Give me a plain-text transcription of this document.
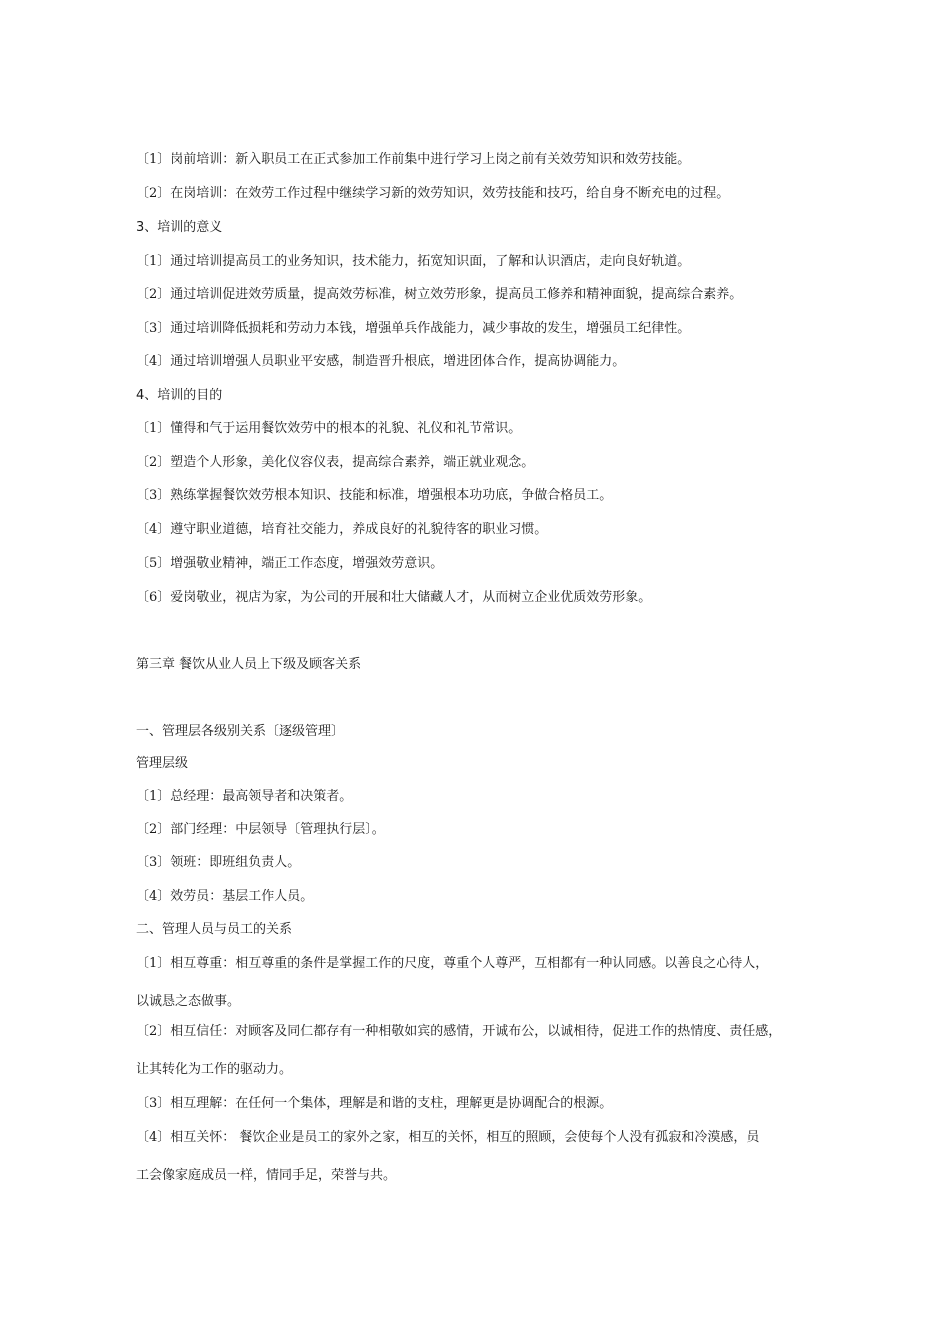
〔1〕岗前培训：新入职员工在正式参加工作前集中进行学习上岗之前有关效劳知识和效劳技能。
〔2〕在岗培训：在效劳工作过程中继续学习新的效劳知识，效劳技能和技巧，给自身不断充电的过程。
3、培训的意义
〔1〕通过培训提高员工的业务知识，技术能力，拓宽知识面，了解和认识酒店，走向良好轨道。
〔2〕通过培训促进效劳质量，提高效劳标准，树立效劳形象，提高员工修养和精神面貌，提高综合素养。
〔3〕通过培训降低损耗和劳动力本钱，增强单兵作战能力，减少事故的发生，增强员工纪律性。
〔4〕通过培训增强人员职业平安感，制造晋升根底，增进团体合作，提高协调能力。
4、培训的目的
〔1〕懂得和气于运用餐饮效劳中的根本的礼貌、礼仪和礼节常识。
〔2〕塑造个人形象，美化仪容仪表，提高综合素养，端正就业观念。
〔3〕熟练掌握餐饮效劳根本知识、技能和标准，增强根本功功底，争做合格员工。
〔4〕遵守职业道德，培育社交能力，养成良好的礼貌待客的职业习惯。
〔5〕增强敬业精神，端正工作态度，增强效劳意识。
〔6〕爱岗敬业，视店为家，为公司的开展和壮大储藏人才，从而树立企业优质效劳形象。
第三章 餐饮从业人员上下级及顾客关系
一、管理层各级别关系〔逐级管理〕
管理层级
〔1〕总经理：最高领导者和决策者。
〔2〕部门经理：中层领导〔管理执行层〕。
〔3〕领班：即班组负责人。
〔4〕效劳员：基层工作人员。
二、管理人员与员工的关系
〔1〕相互尊重：相互尊重的条件是掌握工作的尺度，尊重个人尊严，互相都有一种认同感。以善良之心待人，
以诚恳之态做事。
〔2〕相互信任：对顾客及同仁都存有一种相敬如宾的感情，开诚布公，以诚相待，促进工作的热情度、责任感，
让其转化为工作的驱动力。
〔3〕相互理解：在任何一个集体，理解是和谐的支柱，理解更是协调配合的根源。
〔4〕相互关怀： 餐饮企业是员工的家外之家，相互的关怀，相互的照顾，会使每个人没有孤寂和冷漠感，员
工会像家庭成员一样，情同手足，荣誉与共。
